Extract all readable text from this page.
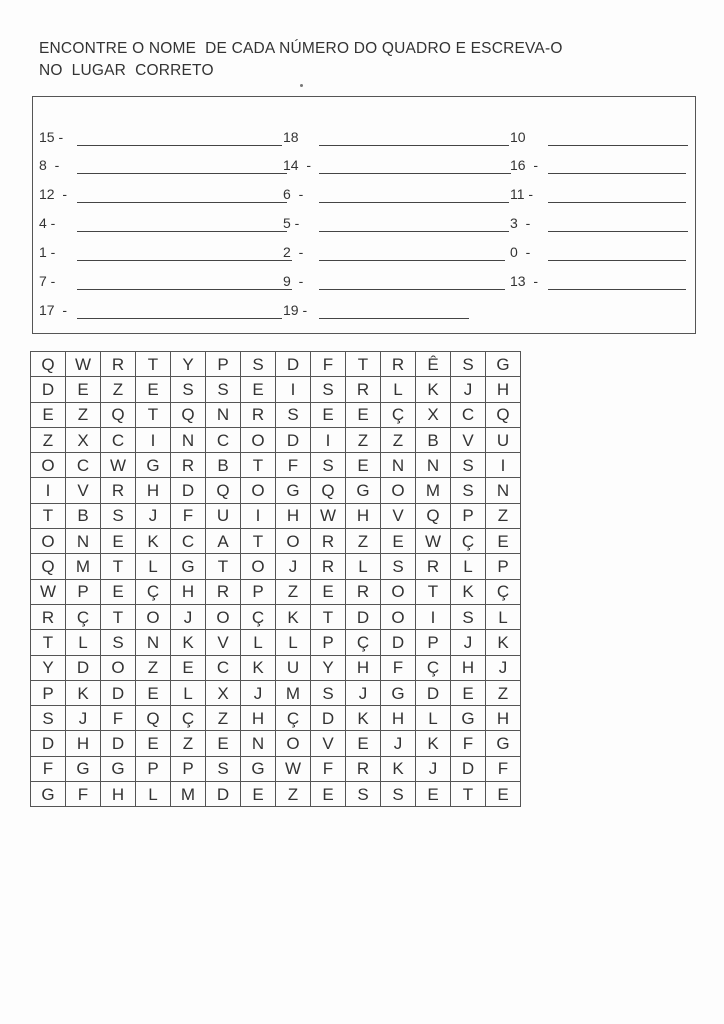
ENCONTRE O NOME  DE CADA NÚMERO DO QUADRO E ESCREVA-O
NO  LUGAR  CORRETO
15 -	18	10
8  -	14  -	16  -
12  -	6  -	11 -
4 -	5 -	3  -
1 -	2  -	0  -
7 -	9  -	13  -
17  -	19 -
Q	W	R	T	Y	P	S	D	F	T	R	Ê	S	G
D	E	Z	E	S	S	E	I	S	R	L	K	J	H
E	Z	Q	T	Q	N	R	S	E	E	Ç	X	C	Q
Z	X	C	I	N	C	O	D	I	Z	Z	B	V	U
O	C	W	G	R	B	T	F	S	E	N	N	S	I
I	V	R	H	D	Q	O	G	Q	G	O	M	S	N
T	B	S	J	F	U	I	H	W	H	V	Q	P	Z
O	N	E	K	C	A	T	O	R	Z	E	W	Ç	E
Q	M	T	L	G	T	O	J	R	L	S	R	L	P
W	P	E	Ç	H	R	P	Z	E	R	O	T	K	Ç
R	Ç	T	O	J	O	Ç	K	T	D	O	I	S	L
T	L	S	N	K	V	L	L	P	Ç	D	P	J	K
Y	D	O	Z	E	C	K	U	Y	H	F	Ç	H	J
P	K	D	E	L	X	J	M	S	J	G	D	E	Z
S	J	F	Q	Ç	Z	H	Ç	D	K	H	L	G	H
D	H	D	E	Z	E	N	O	V	E	J	K	F	G
F	G	G	P	P	S	G	W	F	R	K	J	D	F
G	F	H	L	M	D	E	Z	E	S	S	E	T	E
